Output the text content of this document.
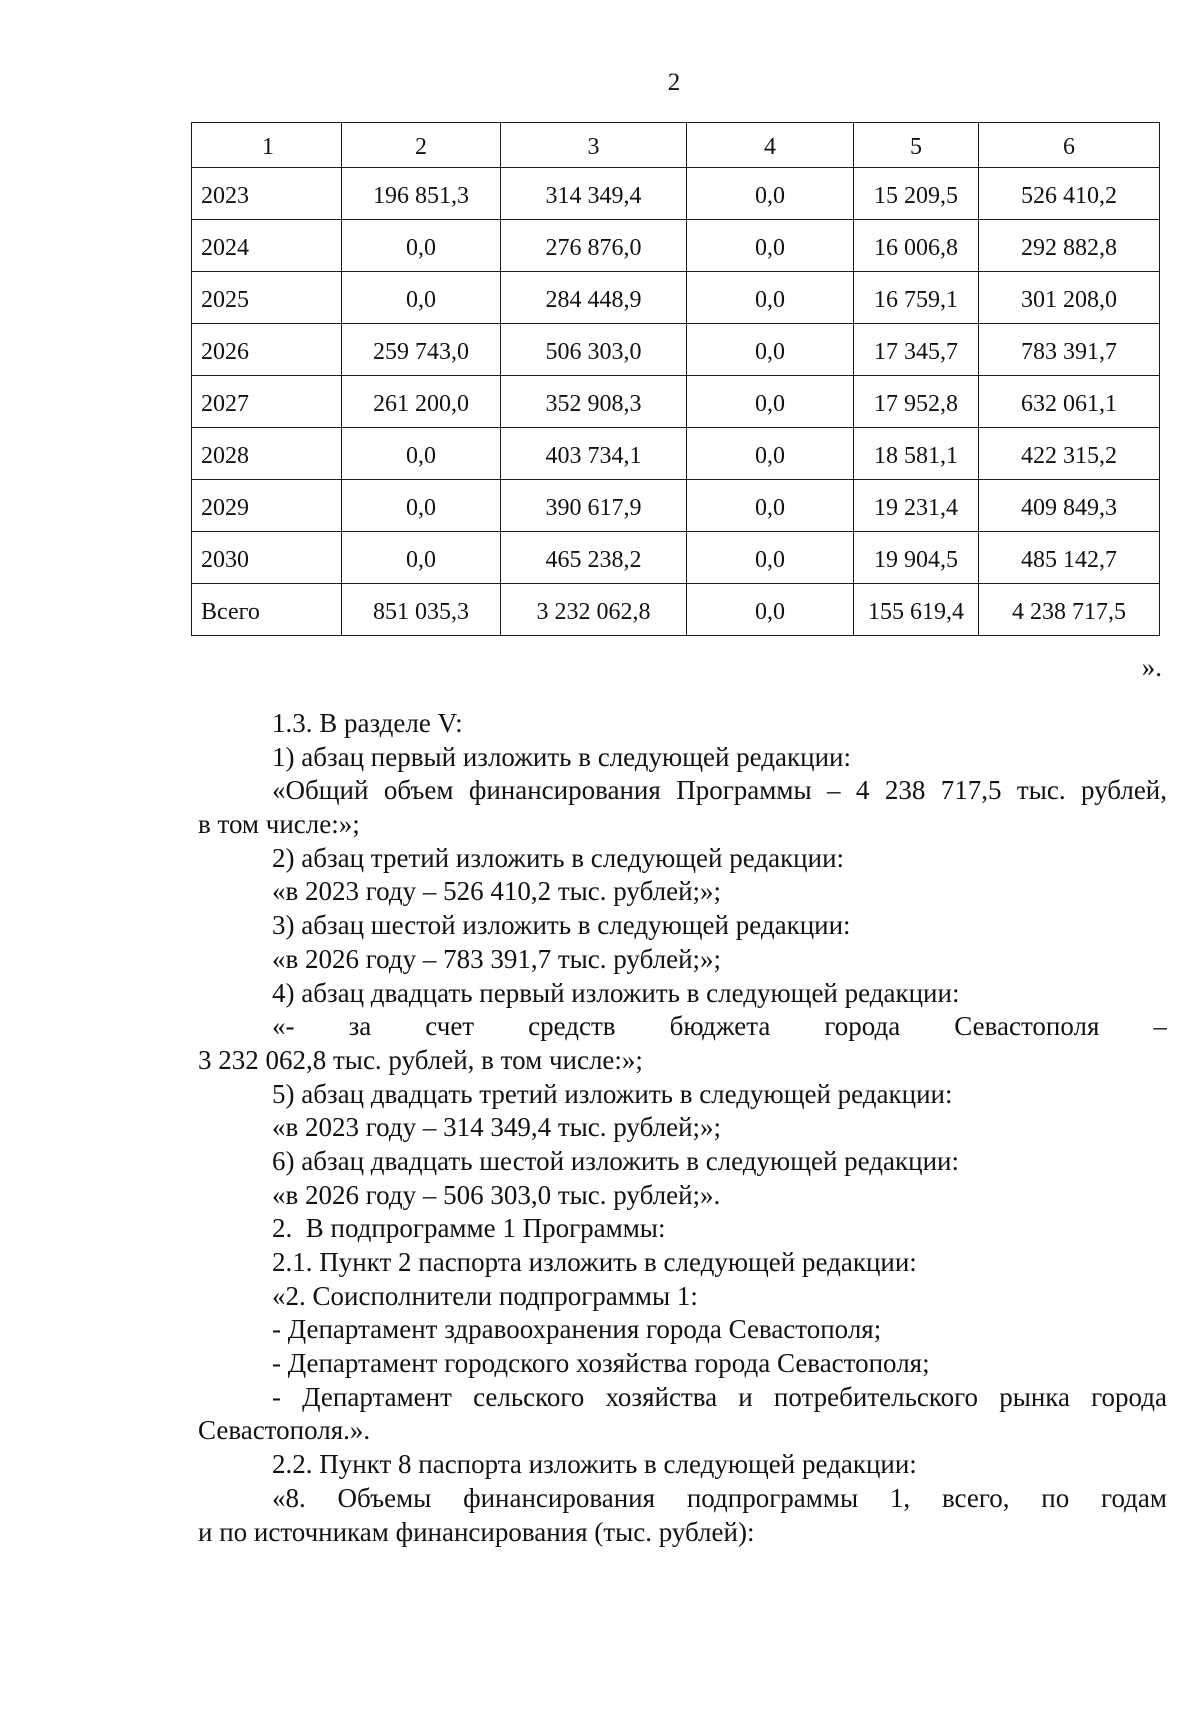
2
1	2	3	4	5	6
2023	196 851,3	314 349,4	0,0	15 209,5	526 410,2
2024	0,0	276 876,0	0,0	16 006,8	292 882,8
2025	0,0	284 448,9	0,0	16 759,1	301 208,0
2026	259 743,0	506 303,0	0,0	17 345,7	783 391,7
2027	261 200,0	352 908,3	0,0	17 952,8	632 061,1
2028	0,0	403 734,1	0,0	18 581,1	422 315,2
2029	0,0	390 617,9	0,0	19 231,4	409 849,3
2030	0,0	465 238,2	0,0	19 904,5	485 142,7
Всего	851 035,3	3 232 062,8	0,0	155 619,4	4 238 717,5
».
1.3. В разделе V:
1) абзац первый изложить в следующей редакции:
«Общий объем финансирования Программы – 4 238 717,5 тыс. рублей,
в том числе:»;
2) абзац третий изложить в следующей редакции:
«в 2023 году – 526 410,2 тыс. рублей;»;
3) абзац шестой изложить в следующей редакции:
«в 2026 году – 783 391,7 тыс. рублей;»;
4) абзац двадцать первый изложить в следующей редакции:
«- за счет средств бюджета города Севастополя –
3 232 062,8 тыс. рублей, в том числе:»;
5) абзац двадцать третий изложить в следующей редакции:
«в 2023 году – 314 349,4 тыс. рублей;»;
6) абзац двадцать шестой изложить в следующей редакции:
«в 2026 году – 506 303,0 тыс. рублей;».
2.  В подпрограмме 1 Программы:
2.1. Пункт 2 паспорта изложить в следующей редакции:
«2. Соисполнители подпрограммы 1:
- Департамент здравоохранения города Севастополя;
- Департамент городского хозяйства города Севастополя;
- Департамент сельского хозяйства и потребительского рынка города
Севастополя.».
2.2. Пункт 8 паспорта изложить в следующей редакции:
«8. Объемы финансирования подпрограммы 1, всего, по годам
и по источникам финансирования (тыс. рублей):
